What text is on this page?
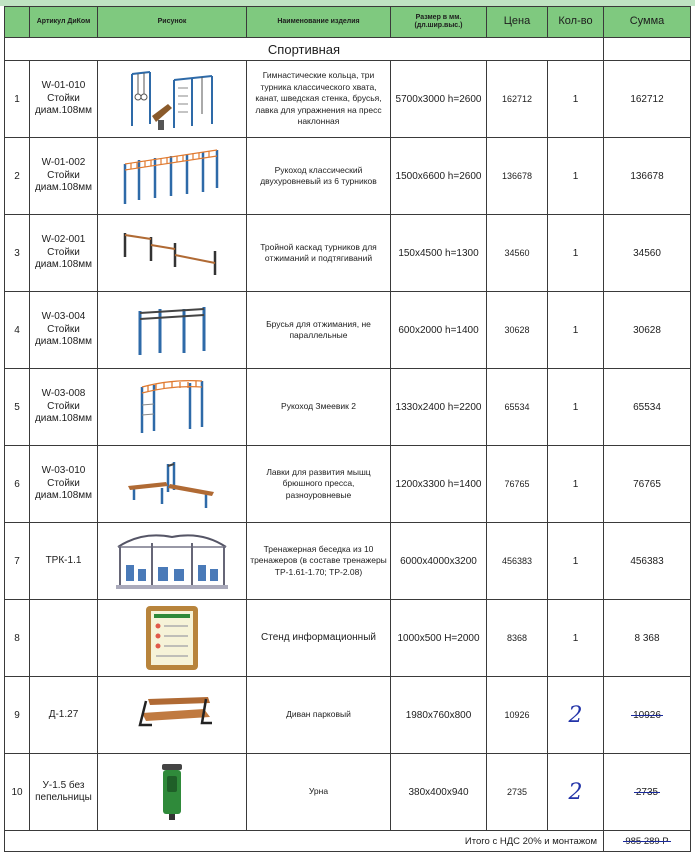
	Артикул ДиКом	Рисунок	Наименование изделия	Размер в мм. (дл.шир.выс.)	Цена	Кол-во	Сумма
Спортивная							
1	W-01-010 Стойки диам.108мм		Гимнастические кольца, три турника классического хвата, канат, шведская стенка, брусья, лавка для упражнения на пресс наклонная	5700х3000 h=2600	162712	1	162712
2	W-01-002 Стойки диам.108мм		Рукоход классический двухуровневый из 6 турников	1500х6600 h=2600	136678	1	136678
3	W-02-001 Стойки диам.108мм		Тройной каскад турников для отжиманий и подтягиваний	150х4500 h=1300	34560	1	34560
4	W-03-004 Стойки диам.108мм		Брусья для отжимания, не параллельные	600х2000 h=1400	30628	1	30628
5	W-03-008 Стойки диам.108мм		Рукоход Змеевик 2	1330х2400 h=2200	65534	1	65534
6	W-03-010 Стойки диам.108мм		Лавки для развития мышц брюшного пресса, разноуровневые	1200х3300 h=1400	76765	1	76765
7	ТРК-1.1		Тренажерная беседка из 10 тренажеров (в составе тренажеры ТР-1.61-1.70; ТР-2.08)	6000х4000х3200	456383	1	456383
8			Стенд информационный	1000х500 Н=2000	8368	1	8 368
9	Д-1.27		Диван парковый	1980х760х800	10926	2	10926
10	У-1.5 без пепельницы		Урна	380х400х940	2735	2	2735
Итого с НДС 20% и монтажом							985 289 Р
